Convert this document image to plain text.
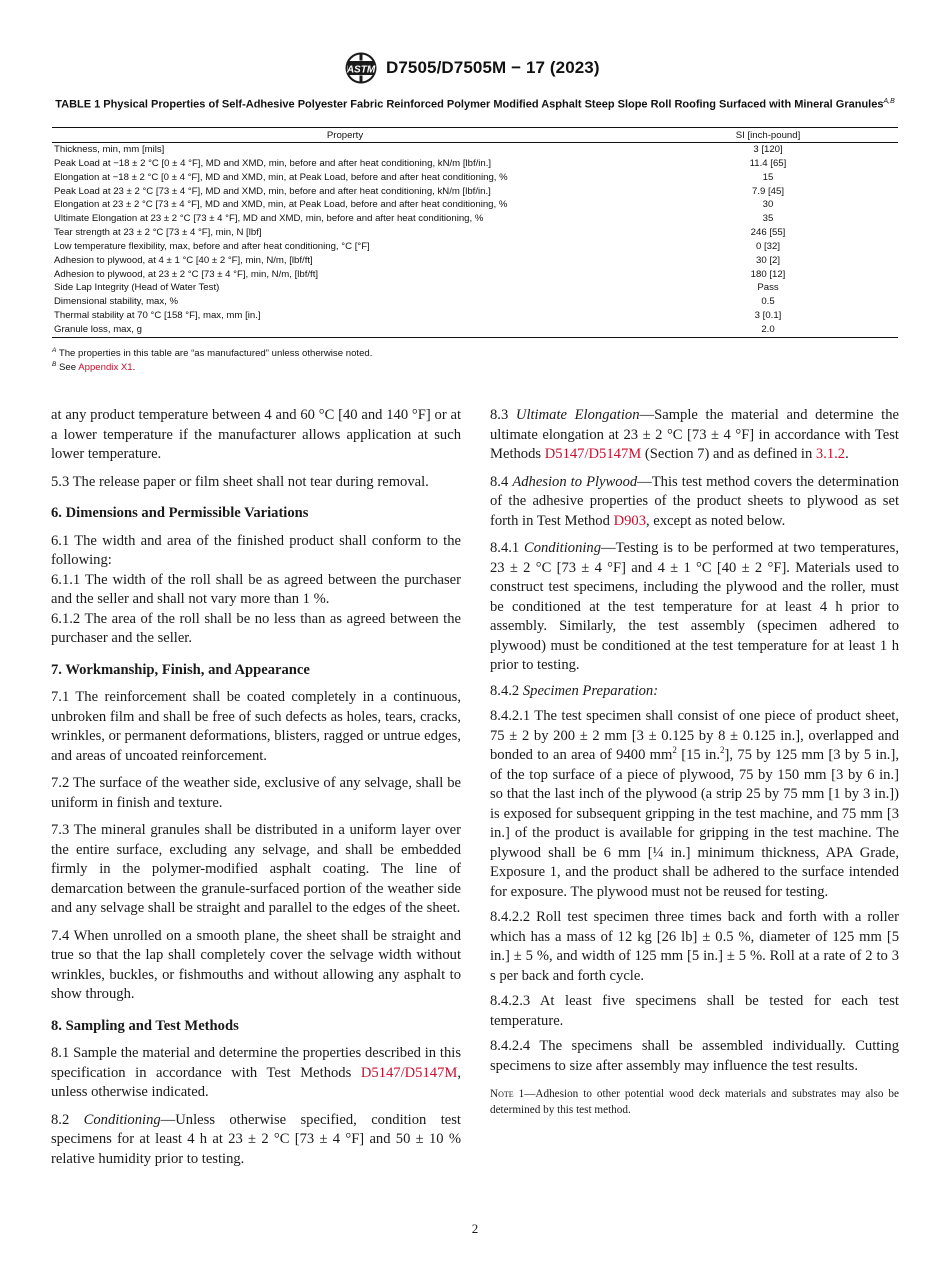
ASTM D7505/D7505M − 17 (2023)
TABLE 1 Physical Properties of Self-Adhesive Polyester Fabric Reinforced Polymer Modified Asphalt Steep Slope Roll Roofing Surfaced with Mineral Granules$^{A,B}$
Property	SI [inch-pound]
Thickness, min, mm [mils]	3 [120]
Peak Load at −18 ± 2 °C [0 ± 4 °F], MD and XMD, min, before and after heat conditioning, kN/m [lbf/in.]	11.4 [65]
Elongation at −18 ± 2 °C [0 ± 4 °F], MD and XMD, min, at Peak Load, before and after heat conditioning, %	15
Peak Load at 23 ± 2 °C [73 ± 4 °F], MD and XMD, min, before and after heat conditioning, kN/m [lbf/in.]	7.9 [45]
Elongation at 23 ± 2 °C [73 ± 4 °F], MD and XMD, min, at Peak Load, before and after heat conditioning, %	30
Ultimate Elongation at 23 ± 2 °C [73 ± 4 °F], MD and XMD, min, before and after heat conditioning, %	35
Tear strength at 23 ± 2 °C [73 ± 4 °F], min, N [lbf]	246 [55]
Low temperature flexibility, max, before and after heat conditioning, °C [°F]	0 [32]
Adhesion to plywood, at 4 ± 1 °C [40 ± 2 °F], min, N/m, [lbf/ft]	30 [2]
Adhesion to plywood, at 23 ± 2 °C [73 ± 4 °F], min, N/m, [lbf/ft]	180 [12]
Side Lap Integrity (Head of Water Test)	Pass
Dimensional stability, max, %	0.5
Thermal stability at 70 °C [158 °F], max, mm [in.]	3 [0.1]
Granule loss, max, g	2.0
$^A$ The properties in this table are “as manufactured” unless otherwise noted.
$^B$ See Appendix X1.

at any product temperature between 4 and 60 °C [40 and 140 °F] or at a lower temperature if the manufacturer allows application at such lower temperature.

5.3 The release paper or film sheet shall not tear during removal.

6. Dimensions and Permissible Variations

6.1 The width and area of the finished product shall conform to the following:

6.1.1 The width of the roll shall be as agreed between the purchaser and the seller and shall not vary more than 1 %.

6.1.2 The area of the roll shall be no less than as agreed between the purchaser and the seller.

7. Workmanship, Finish, and Appearance

7.1 The reinforcement shall be coated completely in a continuous, unbroken film and shall be free of such defects as holes, tears, cracks, wrinkles, or permanent deformations, blisters, ragged or untrue edges, and areas of uncoated reinforcement.

7.2 The surface of the weather side, exclusive of any selvage, shall be uniform in finish and texture.

7.3 The mineral granules shall be distributed in a uniform layer over the entire surface, excluding any selvage, and shall be embedded firmly in the polymer-modified asphalt coating. The line of demarcation between the granule-surfaced portion of the weather side and any selvage shall be straight and parallel to the edges of the sheet.

7.4 When unrolled on a smooth plane, the sheet shall be straight and true so that the lap shall completely cover the selvage width without wrinkles, buckles, or fishmouths and without allowing any asphalt to show through.

8. Sampling and Test Methods

8.1 Sample the material and determine the properties described in this specification in accordance with Test Methods D5147/D5147M, unless otherwise indicated.

8.2 Conditioning—Unless otherwise specified, condition test specimens for at least 4 h at 23 ± 2 °C [73 ± 4 °F] and 50 ± 10 % relative humidity prior to testing.

8.3 Ultimate Elongation—Sample the material and determine the ultimate elongation at 23 ± 2 °C [73 ± 4 °F] in accordance with Test Methods D5147/D5147M (Section 7) and as defined in 3.1.2.

8.4 Adhesion to Plywood—This test method covers the determination of the adhesive properties of the product sheets to plywood as set forth in Test Method D903, except as noted below.

8.4.1 Conditioning—Testing is to be performed at two temperatures, 23 ± 2 °C [73 ± 4 °F] and 4 ± 1 °C [40 ± 2 °F]. Materials used to construct test specimens, including the plywood and the roller, must be conditioned at the test temperature for at least 4 h prior to assembly. Similarly, the test assembly (specimen adhered to plywood) must be conditioned at the test temperature for at least 1 h prior to testing.

8.4.2 Specimen Preparation:

8.4.2.1 The test specimen shall consist of one piece of product sheet, 75 ± 2 by 200 ± 2 mm [3 ± 0.125 by 8 ± 0.125 in.], overlapped and bonded to an area of 9400 $mm^2$ [15 in.$^2$], 75 by 125 mm [3 by 5 in.], of the top surface of a piece of plywood, 75 by 150 mm [3 by 6 in.] so that the last inch of the plywood (a strip 25 by 75 mm [1 by 3 in.]) is exposed for subsequent gripping in the test machine, and 75 mm [3 in.] of the product is available for gripping in the test machine. The plywood shall be 6 mm [¼ in.] minimum thickness, APA Grade, Exposure 1, and the product shall be adhered to the surface intended for exposure. The plywood must not be reused for testing.

8.4.2.2 Roll test specimen three times back and forth with a roller which has a mass of 12 kg [26 lb] ± 0.5 %, diameter of 125 mm [5 in.] ± 5 %, and width of 125 mm [5 in.] ± 5 %. Roll at a rate of 2 to 3 s per back and forth cycle.

8.4.2.3 At least five specimens shall be tested for each test temperature.

8.4.2.4 The specimens shall be assembled individually. Cutting specimens to size after assembly may influence the test results.

Note 1—Adhesion to other potential wood deck materials and substrates may also be determined by this test method.

2
